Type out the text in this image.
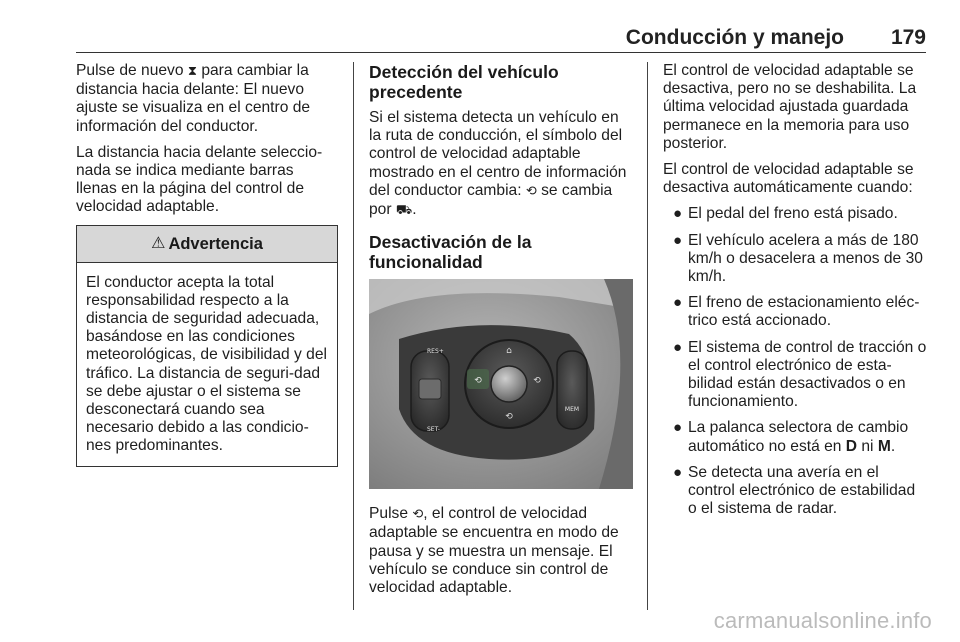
Conducción y manejo 179

Pulse de nuevo ⧗ para cambiar la distancia hacia delante: El nuevo ajuste se visualiza en el centro de información del conductor.

La distancia hacia delante seleccio-nada se indica mediante barras llenas en la página del control de velocidad adaptable.

⚠ Advertencia
El conductor acepta la total responsabilidad respecto a la distancia de seguridad adecuada, basándose en las condiciones meteorológicas, de visibilidad y del tráfico. La distancia de seguri-dad se debe ajustar o el sistema se desconectará cuando sea necesario debido a las condicio-nes predominantes.
Detección del vehículo precedente

Si el sistema detecta un vehículo en la ruta de conducción, el símbolo del control de velocidad adaptable mostrado en el centro de información del conductor cambia: ⟲ se cambia por ⛟.

Desactivación de la funcionalidad
RES+
SET-
⌂
⟲	⟲
⟲
MEM

Pulse ⟲, el control de velocidad adaptable se encuentra en modo de pausa y se muestra un mensaje. El vehículo se conduce sin control de velocidad adaptable.

El control de velocidad adaptable se desactiva, pero no se deshabilita. La última velocidad ajustada guardada permanece en la memoria para uso posterior.

El control de velocidad adaptable se desactiva automáticamente cuando:

● El pedal del freno está pisado.
● El vehículo acelera a más de 180 km/h o desacelera a menos de 30 km/h.
● El freno de estacionamiento eléc-trico está accionado.
● El sistema de control de tracción o el control electrónico de esta-bilidad están desactivados o en funcionamiento.
● La palanca selectora de cambio automático no está en D ni M.
● Se detecta una avería en el control electrónico de estabilidad o el sistema de radar.
carmanualsonline.info
